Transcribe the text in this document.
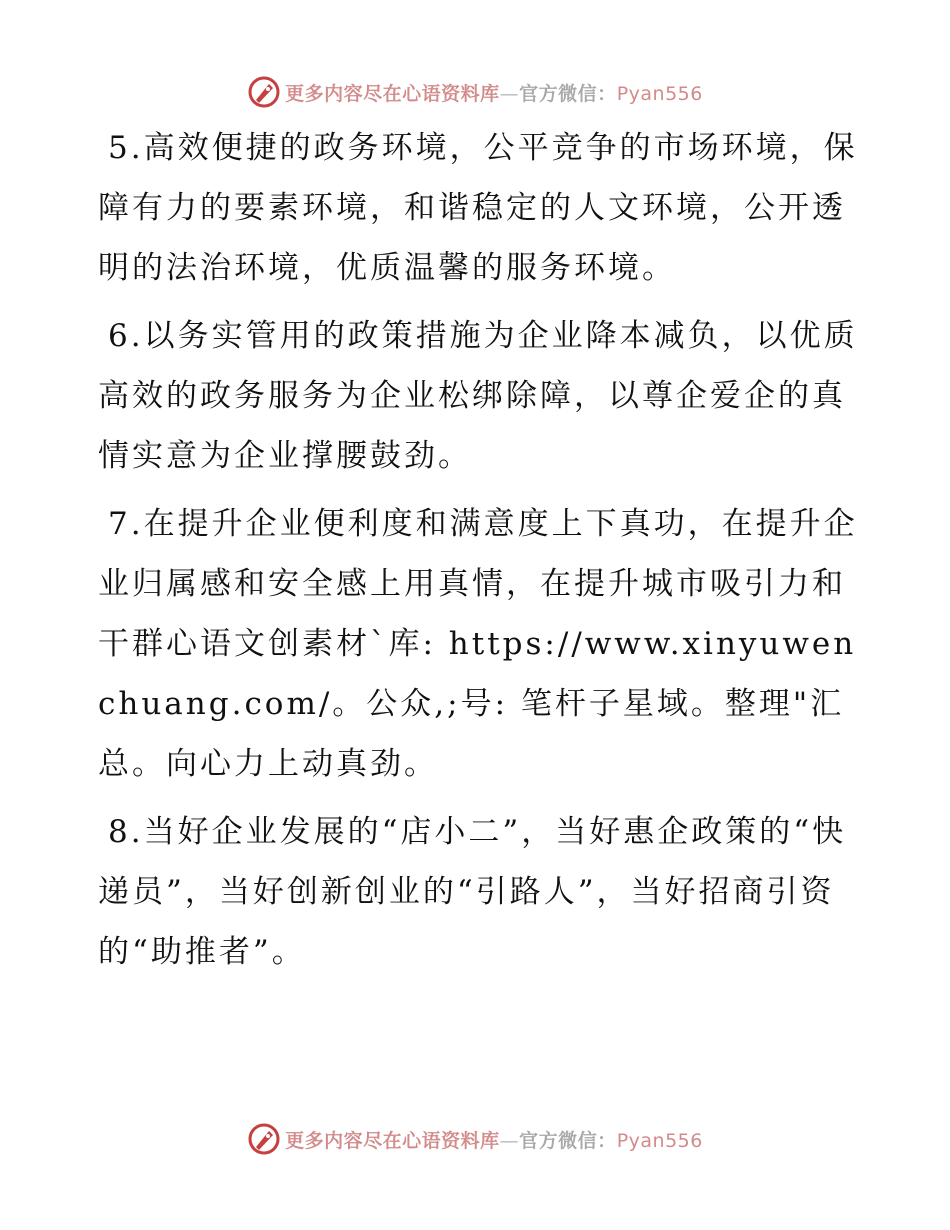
更多内容尽在心语资料库—官方微信：Pyan556

5.高效便捷的政务环境，公平竞争的市场环境，保障有力的要素环境，和谐稳定的人文环境，公开透明的法治环境，优质温馨的服务环境。

6.以务实管用的政策措施为企业降本减负，以优质高效的政务服务为企业松绑除障，以尊企爱企的真情实意为企业撑腰鼓劲。

7.在提升企业便利度和满意度上下真功，在提升企业归属感和安全感上用真情，在提升城市吸引力和干群心语文创素材`库: https://www.xinyuwenchuang.com/。公众,;号: 笔杆子星域。整理"汇总。向心力上动真劲。

8.当好企业发展的“店小二”，当好惠企政策的“快递员”，当好创新创业的“引路人”，当好招商引资的“助推者”。

更多内容尽在心语资料库—官方微信：Pyan556
